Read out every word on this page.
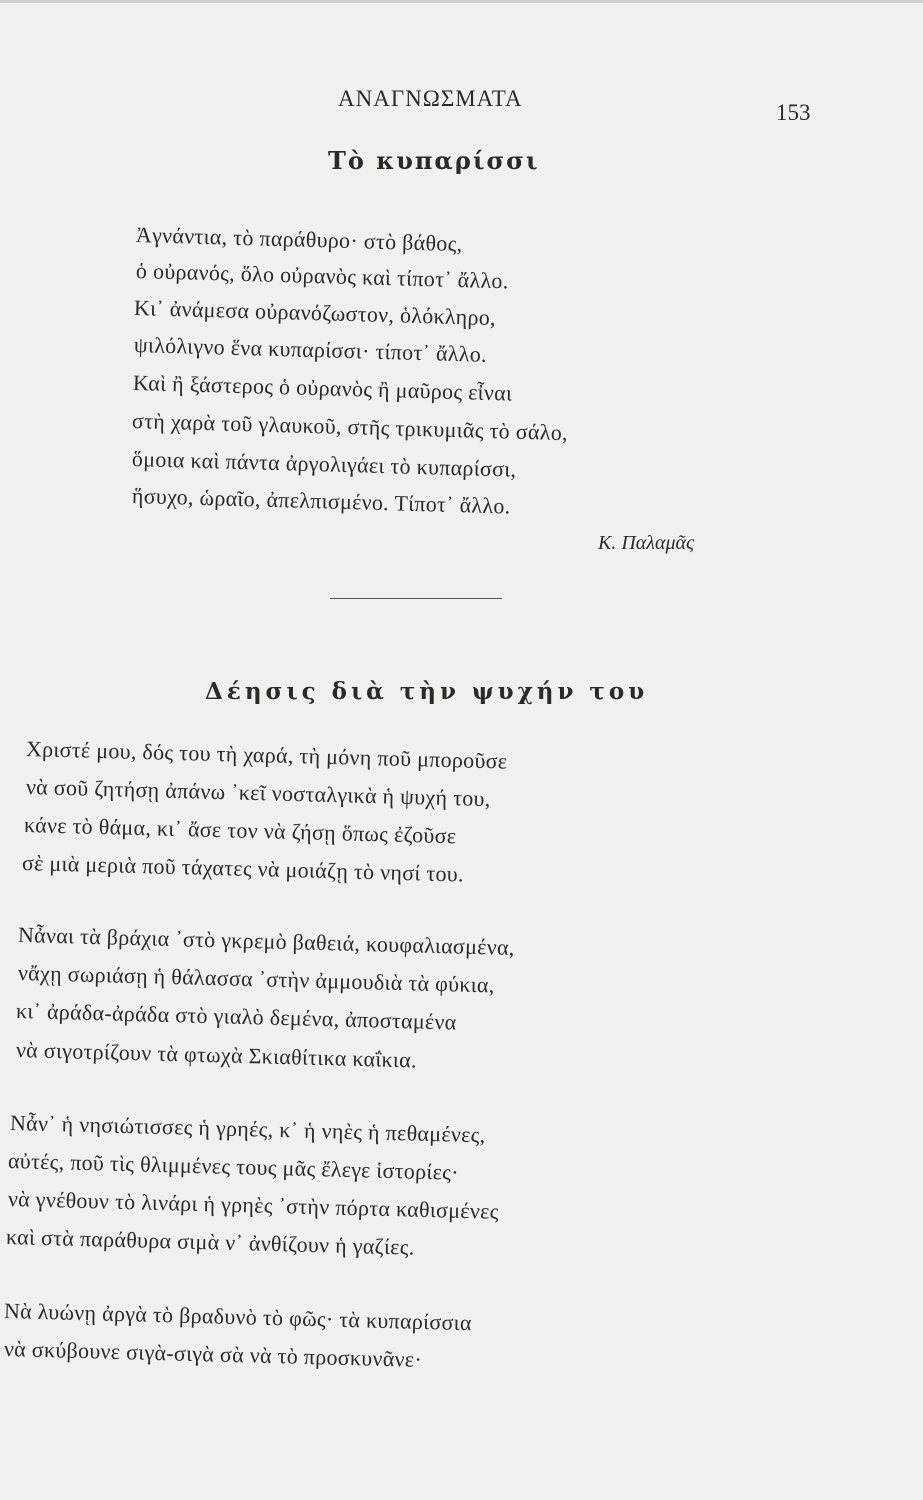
ΑΝΑΓΝΩΣΜΑΤΑ
153
Τὸ κυπαρίσσι
Ἀγνάντια, τὸ παράθυρο· στὸ βάθος,
ὁ οὐρανός, ὅλο οὐρανὸς καὶ τίποτ᾽ ἄλλο.
Κι᾽ ἀνάμεσα οὐρανόζωστον, ὁλόκληρο,
ψιλόλιγνο ἕνα κυπαρίσσι· τίποτ᾽ ἄλλο.
Καὶ ἢ ξάστερος ὁ οὐρανὸς ἢ μαῦρος εἶναι
στὴ χαρὰ τοῦ γλαυκοῦ, στῆς τρικυμιᾶς τὸ σάλο,
ὅμοια καὶ πάντα ἀργολιγάει τὸ κυπαρίσσι,
ἥσυχο, ὡραῖο, ἀπελπισμένο. Τίποτ᾽ ἄλλο.
Κ. Παλαμᾶς
Δέησις διὰ τὴν ψυχήν του
Χριστέ μου, δός του τὴ χαρά, τὴ μόνη ποῦ μποροῦσε
νὰ σοῦ ζητήσῃ ἀπάνω ᾽κεῖ νοσταλγικὰ ἡ ψυχή του,
κάνε τὸ θάμα, κι᾽ ἄσε τον νὰ ζήσῃ ὅπως ἐζοῦσε
σὲ μιὰ μεριὰ ποῦ τάχατες νὰ μοιάζῃ τὸ νησί του.
Νἆναι τὰ βράχια ᾽στὸ γκρεμὸ βαθειά, κουφαλιασμένα,
νἄχῃ σωριάσῃ ἡ θάλασσα ᾽στὴν ἀμμουδιὰ τὰ φύκια,
κι᾽ ἀράδα-ἀράδα στὸ γιαλὸ δεμένα, ἀποσταμένα
νὰ σιγοτρίζουν τὰ φτωχὰ Σκιαθίτικα καΐκια.
Νἆν᾽ ἡ νησιώτισσες ἡ γρηές, κ᾽ ἡ νηὲς ἡ πεθαμένες,
αὐτές, ποῦ τὶς θλιμμένες τους μᾶς ἔλεγε ἱστορίες·
νὰ γνέθουν τὸ λινάρι ἡ γρηὲς ᾽στὴν πόρτα καθισμένες
καὶ στὰ παράθυρα σιμὰ ν᾽ ἀνθίζουν ἡ γαζίες.
Νὰ λυώνῃ ἀργὰ τὸ βραδυνὸ τὸ φῶς· τὰ κυπαρίσσια
νὰ σκύβουνε σιγὰ-σιγὰ σὰ νὰ τὸ προσκυνᾶνε·
